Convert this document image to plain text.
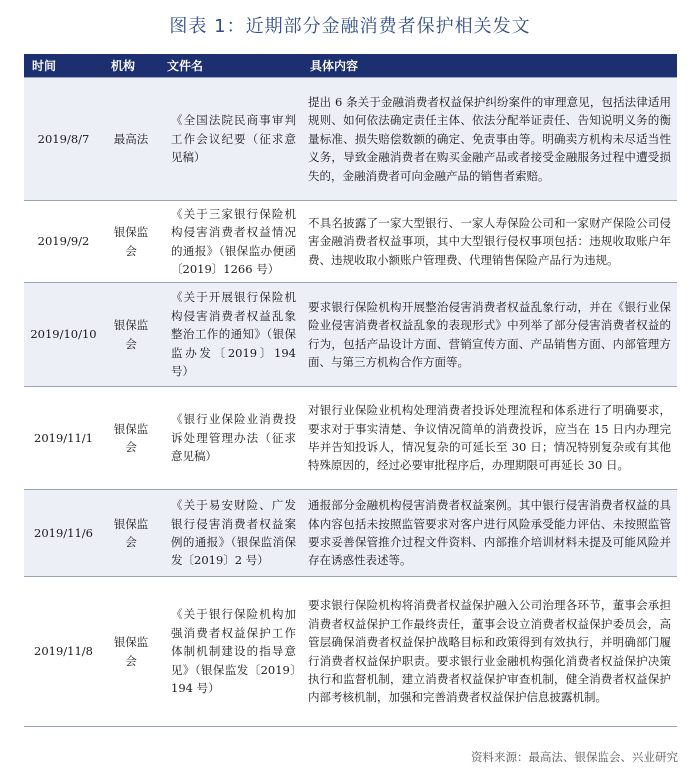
图表 1：近期部分金融消费者保护相关发文
时间	机构	文件名	具体内容
2019/8/7	最高法	《全国法院民商事审判工作会议纪要（征求意见稿）	提出 6 条关于金融消费者权益保护纠纷案件的审理意见，包括法律适用规则、如何依法确定责任主体、依法分配举证责任、告知说明义务的衡量标准、损失赔偿数额的确定、免责事由等。明确卖方机构未尽适当性义务，导致金融消费者在购买金融产品或者接受金融服务过程中遭受损失的，金融消费者可向金融产品的销售者索赔。
2019/9/2	银保监会	《关于三家银行保险机构侵害消费者权益情况的通报》（银保监办便函〔2019〕1266 号）	不具名披露了一家大型银行、一家人寿保险公司和一家财产保险公司侵害金融消费者权益事项，其中大型银行侵权事项包括：违规收取账户年费、违规收取小额账户管理费、代理销售保险产品行为违规。
2019/10/10	银保监会	《关于开展银行保险机构侵害消费者权益乱象整治工作的通知》（银保监办发〔2019〕194 号）	要求银行保险机构开展整治侵害消费者权益乱象行动，并在《银行业保险业侵害消费者权益乱象的表现形式》中列举了部分侵害消费者权益的行为，包括产品设计方面、营销宣传方面、产品销售方面、内部管理方面、与第三方机构合作方面等。
2019/11/1	银保监会	《银行业保险业消费投诉处理管理办法（征求意见稿）	对银行业保险业机构处理消费者投诉处理流程和体系进行了明确要求，要求对于事实清楚、争议情况简单的消费投诉，应当在 15 日内办理完毕并告知投诉人，情况复杂的可延长至 30 日；情况特别复杂或有其他特殊原因的，经过必要审批程序后，办理期限可再延长 30 日。
2019/11/6	银保监会	《关于易安财险、广发银行侵害消费者权益案例的通报》（银保监消保发〔2019〕2 号）	通报部分金融机构侵害消费者权益案例。其中银行侵害消费者权益的具体内容包括未按照监管要求对客户进行风险承受能力评估、未按照监管要求妥善保管推介过程文件资料、内部推介培训材料未提及可能风险并存在诱惑性表述等。
2019/11/8	银保监会	《关于银行保险机构加强消费者权益保护工作体制机制建设的指导意见》（银保监发〔2019〕194 号）	要求银行保险机构将消费者权益保护融入公司治理各环节，董事会承担消费者权益保护工作最终责任，董事会设立消费者权益保护委员会，高管层确保消费者权益保护战略目标和政策得到有效执行，并明确部门履行消费者权益保护职责。要求银行业金融机构强化消费者权益保护决策执行和监督机制，建立消费者权益保护审查机制，健全消费者权益保护内部考核机制，加强和完善消费者权益保护信息披露机制。
资料来源：最高法、银保监会、兴业研究
